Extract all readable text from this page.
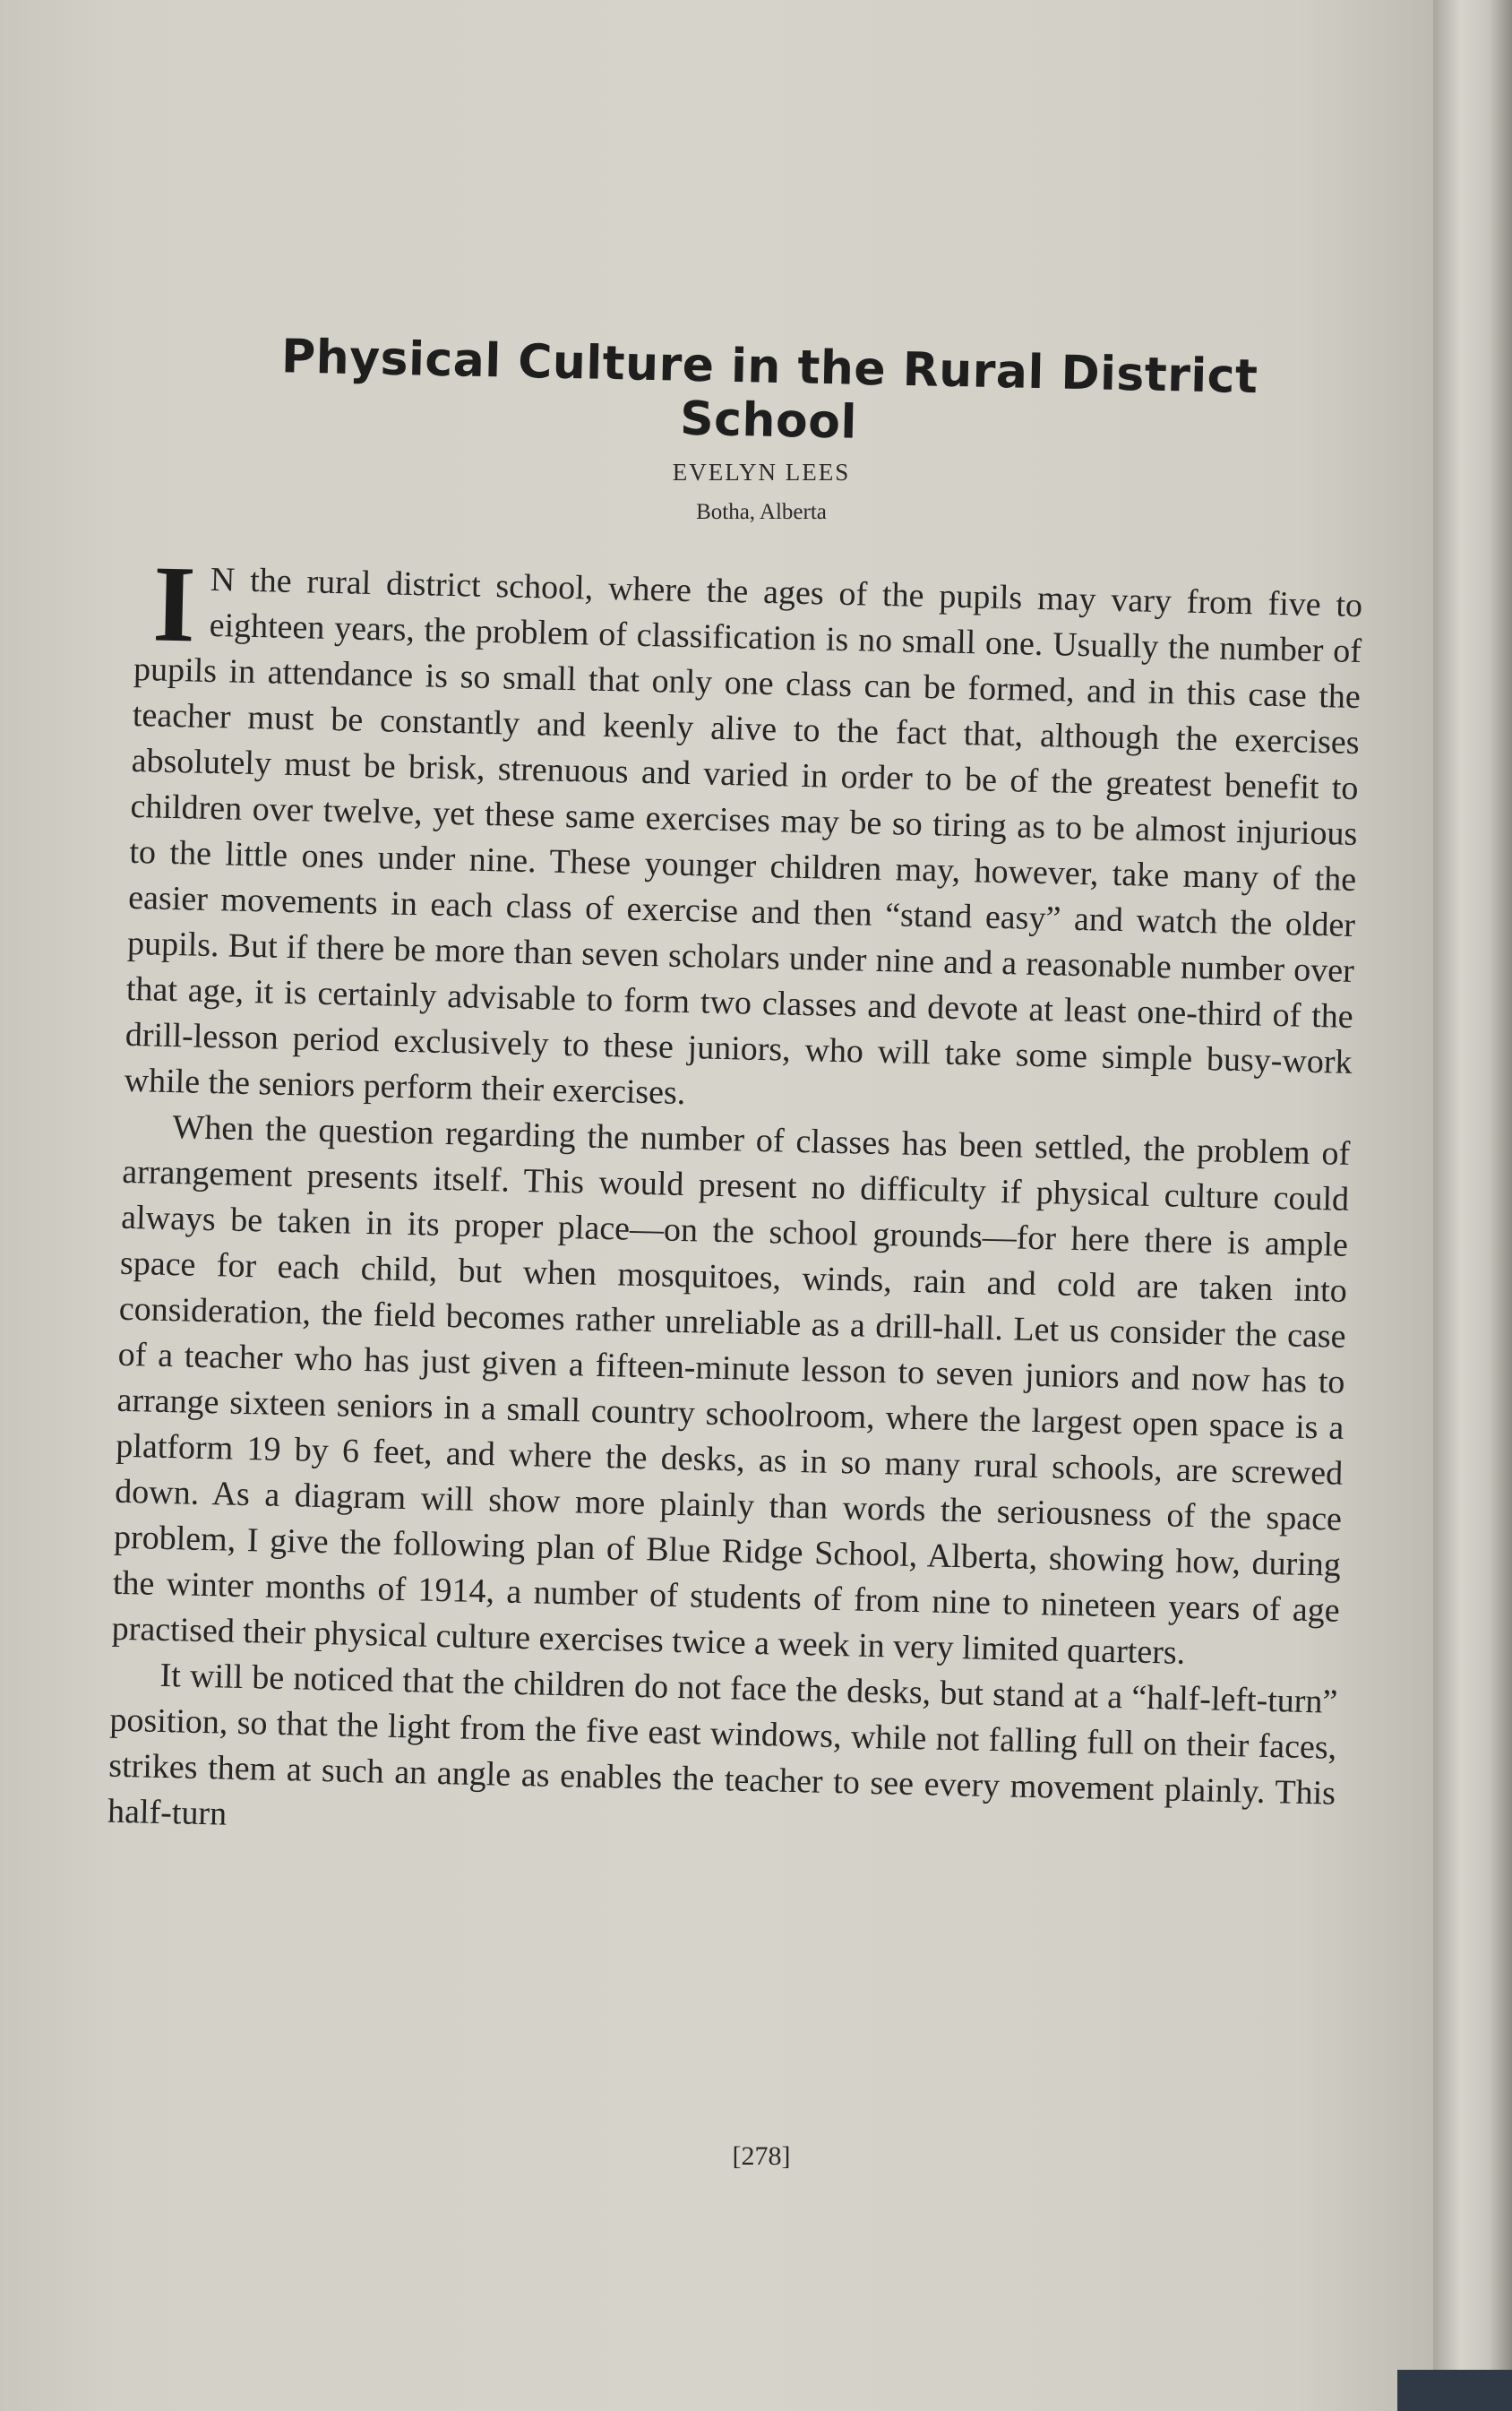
Physical Culture in the Rural District School
EVELYN LEES
Botha, Alberta

I N the rural district school, where the ages of the pupils may vary from five to eighteen years, the problem of classification is no small one. Usually the number of pupils in attendance is so small that only one class can be formed, and in this case the teacher must be constantly and keenly alive to the fact that, although the exercises absolutely must be brisk, strenuous and varied in order to be of the greatest benefit to children over twelve, yet these same exercises may be so tiring as to be almost injurious to the little ones under nine. These younger children may, however, take many of the easier movements in each class of exercise and then “stand easy” and watch the older pupils. But if there be more than seven scholars under nine and a reasonable number over that age, it is certainly advisable to form two classes and devote at least one-third of the drill-lesson period exclusively to these juniors, who will take some simple busy-work while the seniors perform their exercises.

When the question regarding the number of classes has been settled, the problem of arrangement presents itself. This would present no difficulty if physical culture could always be taken in its proper place—on the school grounds—for here there is ample space for each child, but when mosquitoes, winds, rain and cold are taken into consideration, the field becomes rather unreliable as a drill-hall. Let us consider the case of a teacher who has just given a fifteen-minute lesson to seven juniors and now has to arrange sixteen seniors in a small country schoolroom, where the largest open space is a platform 19 by 6 feet, and where the desks, as in so many rural schools, are screwed down. As a diagram will show more plainly than words the seriousness of the space problem, I give the following plan of Blue Ridge School, Alberta, showing how, during the winter months of 1914, a number of students of from nine to nineteen years of age practised their physical culture exercises twice a week in very limited quarters.

It will be noticed that the children do not face the desks, but stand at a “half-left-turn” position, so that the light from the five east windows, while not falling full on their faces, strikes them at such an angle as enables the teacher to see every movement plainly. This half-turn

[278]
